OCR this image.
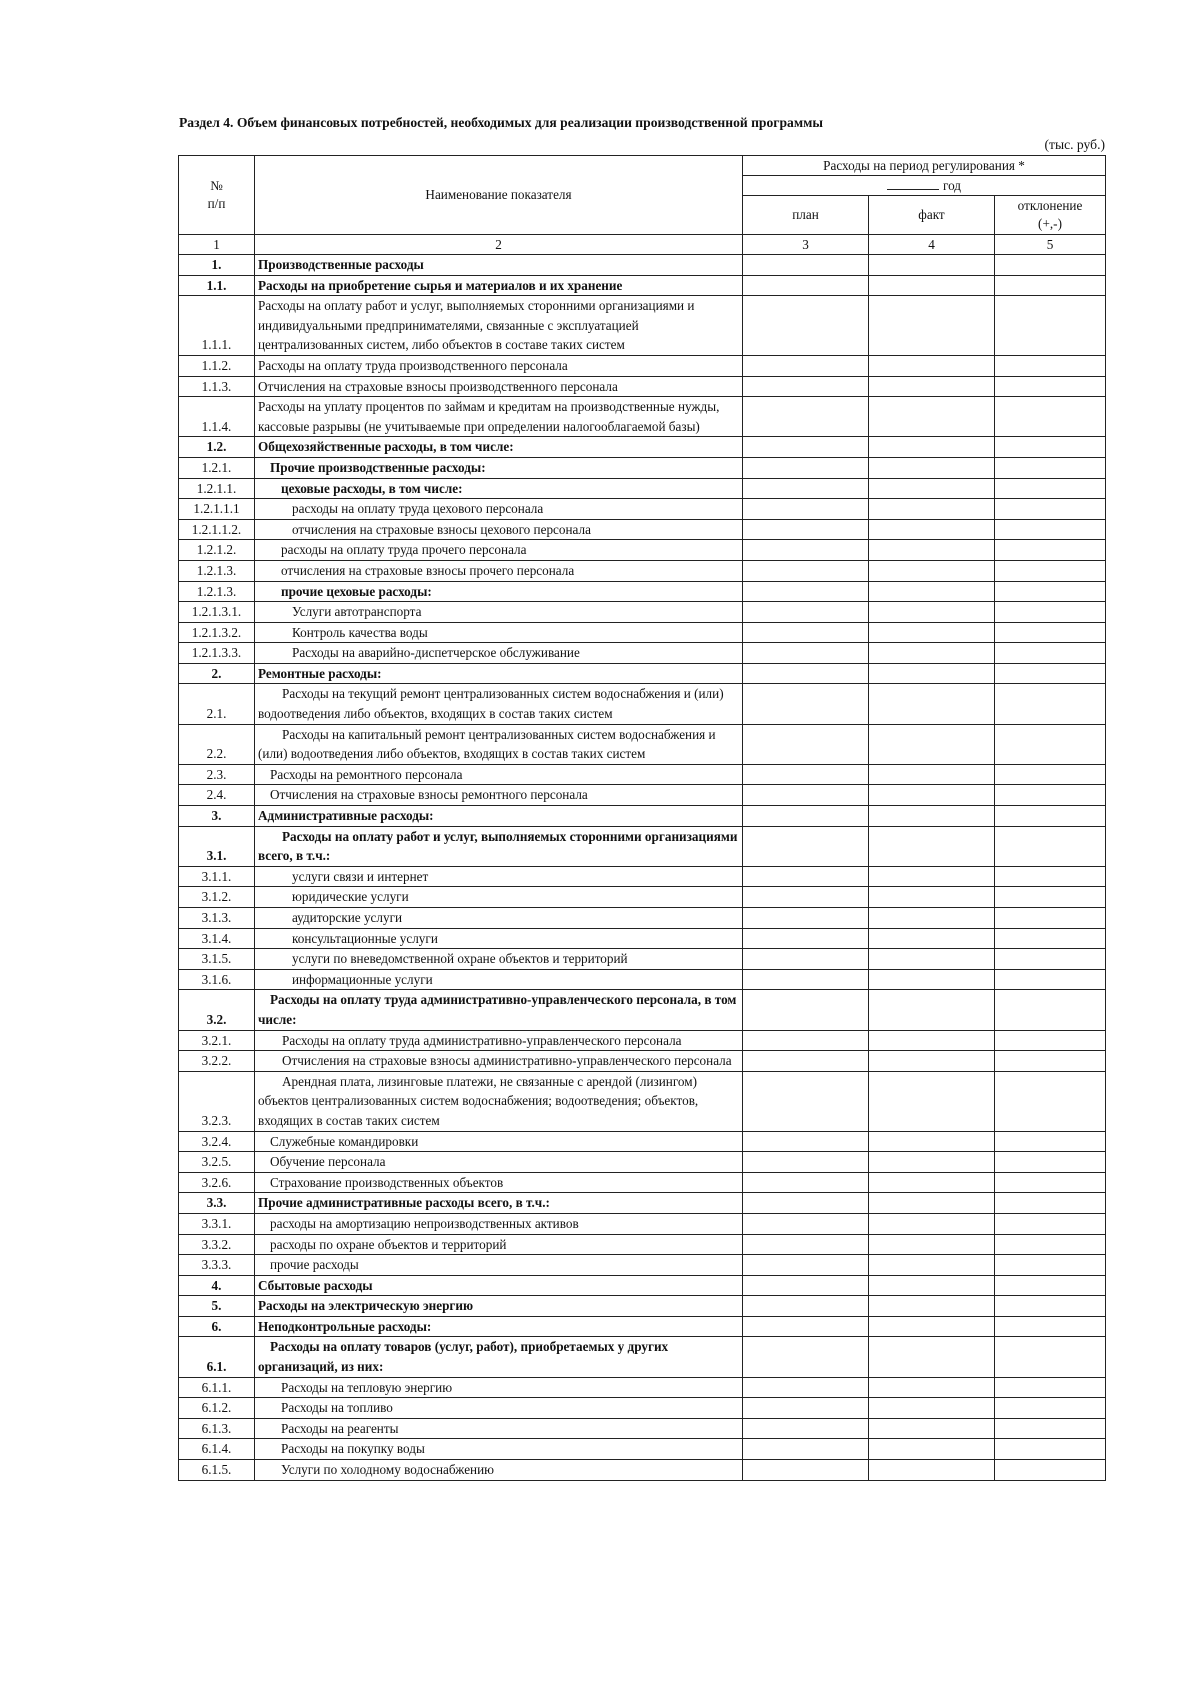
Раздел 4. Объем финансовых потребностей, необходимых для реализации производственной программы
(тыс. руб.)
№
п/п	Наименование показателя	Расходы на период регулирования *		
		год		
		план	факт	отклонение
(+,-)
1	2	3	4	5
1.	Производственные расходы			
1.1.	Расходы на приобретение сырья и материалов и их хранение			
1.1.1.	Расходы на оплату работ и услуг, выполняемых сторонними организациями и индивидуальными предпринимателями, связанные с эксплуатацией централизованных систем, либо объектов в составе таких систем			
1.1.2.	Расходы на оплату труда производственного персонала			
1.1.3.	Отчисления на страховые взносы производственного персонала			
1.1.4.	Расходы на уплату процентов по займам и кредитам на производственные нужды, кассовые разрывы (не учитываемые при определении налогооблагаемой базы)			
1.2.	Общехозяйственные расходы, в том числе:			
1.2.1.	Прочие производственные расходы:			
1.2.1.1.	цеховые расходы, в том числе:			
1.2.1.1.1	расходы на оплату труда цехового персонала			
1.2.1.1.2.	отчисления на страховые взносы цехового персонала			
1.2.1.2.	расходы на оплату труда прочего персонала			
1.2.1.3.	отчисления на страховые взносы прочего персонала			
1.2.1.3.	прочие цеховые расходы:			
1.2.1.3.1.	Услуги автотранспорта			
1.2.1.3.2.	Контроль качества воды			
1.2.1.3.3.	Расходы на аварийно-диспетчерское обслуживание			
2.	Ремонтные расходы:			
2.1.	Расходы на текущий ремонт централизованных систем водоснабжения и (или) водоотведения либо объектов, входящих в состав таких систем			
2.2.	Расходы на капитальный ремонт централизованных систем водоснабжения и (или) водоотведения либо объектов, входящих в состав таких систем			
2.3.	Расходы на ремонтного персонала			
2.4.	Отчисления на страховые взносы ремонтного персонала			
3.	Административные расходы:			
3.1.	Расходы на оплату работ и услуг, выполняемых сторонними организациями всего, в т.ч.:			
3.1.1.	услуги связи и интернет			
3.1.2.	юридические услуги			
3.1.3.	аудиторские услуги			
3.1.4.	консультационные услуги			
3.1.5.	услуги по вневедомственной охране объектов и территорий			
3.1.6.	информационные услуги			
3.2.	Расходы на оплату труда административно-управленческого персонала, в том числе:			
3.2.1.	Расходы на оплату труда административно-управленческого персонала			
3.2.2.	Отчисления на страховые взносы административно-управленческого персонала			
3.2.3.	Арендная плата, лизинговые платежи, не связанные с арендой (лизингом) объектов централизованных систем водоснабжения; водоотведения; объектов, входящих в состав таких систем			
3.2.4.	Служебные командировки			
3.2.5.	Обучение персонала			
3.2.6.	Страхование производственных объектов			
3.3.	Прочие административные расходы всего, в т.ч.:			
3.3.1.	расходы на амортизацию непроизводственных активов			
3.3.2.	расходы по охране объектов и территорий			
3.3.3.	прочие расходы			
4.	Сбытовые расходы			
5.	Расходы на электрическую энергию			
6.	Неподконтрольные расходы:			
6.1.	Расходы на оплату товаров (услуг, работ), приобретаемых у других организаций, из них:			
6.1.1.	Расходы на тепловую энергию			
6.1.2.	Расходы на топливо			
6.1.3.	Расходы на реагенты			
6.1.4.	Расходы на покупку воды			
6.1.5.	Услуги по холодному водоснабжению			
